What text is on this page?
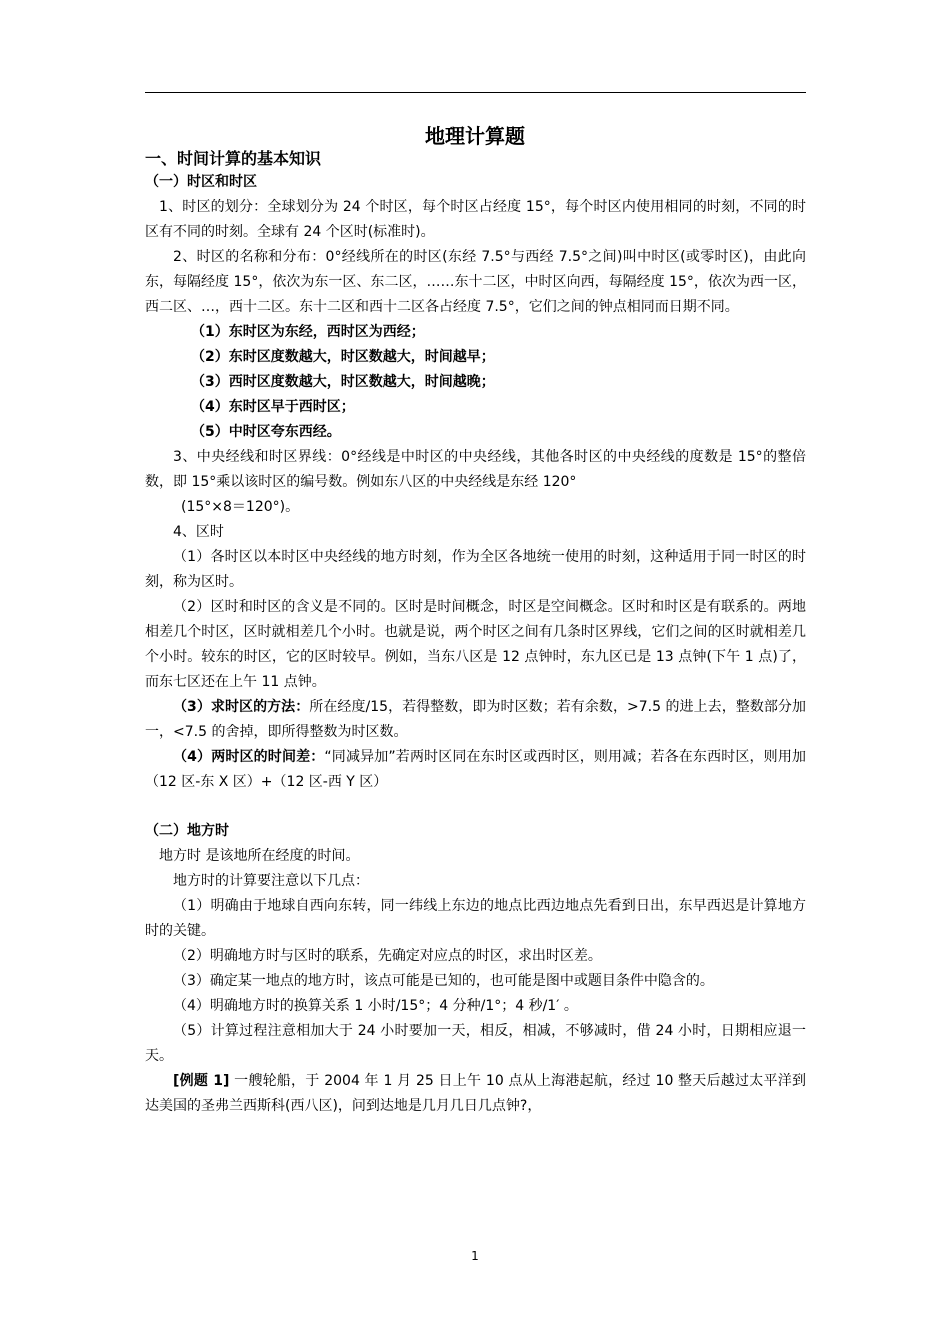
地理计算题

一、时间计算的基本知识

（一）时区和时区

1、时区的划分：全球划分为 24 个时区，每个时区占经度 15°，每个时区内使用相同的时刻，不同的时区有不同的时刻。全球有 24 个区时(标准时)。

2、时区的名称和分布：0°经线所在的时区(东经 7.5°与西经 7.5°之间)叫中时区(或零时区)，由此向东，每隔经度 15°，依次为东一区、东二区，……东十二区，中时区向西，每隔经度 15°，依次为西一区，西二区、…，西十二区。东十二区和西十二区各占经度 7.5°，它们之间的钟点相同而日期不同。

（1）东时区为东经，西时区为西经；

（2）东时区度数越大，时区数越大，时间越早；

（3）西时区度数越大，时区数越大，时间越晚；

（4）东时区早于西时区；

（5）中时区夸东西经。

3、中央经线和时区界线：0°经线是中时区的中央经线，其他各时区的中央经线的度数是 15°的整倍数，即 15°乘以该时区的编号数。例如东八区的中央经线是东经 120°

(15°×8＝120°)。

4、区时

（1）各时区以本时区中央经线的地方时刻，作为全区各地统一使用的时刻，这种适用于同一时区的时刻，称为区时。

（2）区时和时区的含义是不同的。区时是时间概念，时区是空间概念。区时和时区是有联系的。两地相差几个时区，区时就相差几个小时。也就是说，两个时区之间有几条时区界线，它们之间的区时就相差几个小时。较东的时区，它的区时较早。例如，当东八区是 12 点钟时，东九区已是 13 点钟(下午 1 点)了，而东七区还在上午 11 点钟。

（3）求时区的方法：所在经度/15，若得整数，即为时区数；若有余数，>7.5 的进上去，整数部分加一，<7.5 的舍掉，即所得整数为时区数。

（4）两时区的时间差：“同减异加”若两时区同在东时区或西时区，则用减；若各在东西时区，则用加（12 区-东 X 区）+（12 区-西 Y 区）

（二）地方时

地方时 是该地所在经度的时间。

地方时的计算要注意以下几点：

（1）明确由于地球自西向东转，同一纬线上东边的地点比西边地点先看到日出，东早西迟是计算地方时的关键。

（2）明确地方时与区时的联系，先确定对应点的时区，求出时区差。

（3）确定某一地点的地方时，该点可能是已知的，也可能是图中或题目条件中隐含的。

（4）明确地方时的换算关系 1 小时/15°；4 分种/1°；4 秒/1′ 。

（5）计算过程注意相加大于 24 小时要加一天，相反，相减，不够减时，借 24 小时，日期相应退一天。

[例题 1] 一艘轮船，于 2004 年 1 月 25 日上午 10 点从上海港起航，经过 10 整天后越过太平洋到达美国的圣弗兰西斯科(西八区)，问到达地是几月几日几点钟?，

1
